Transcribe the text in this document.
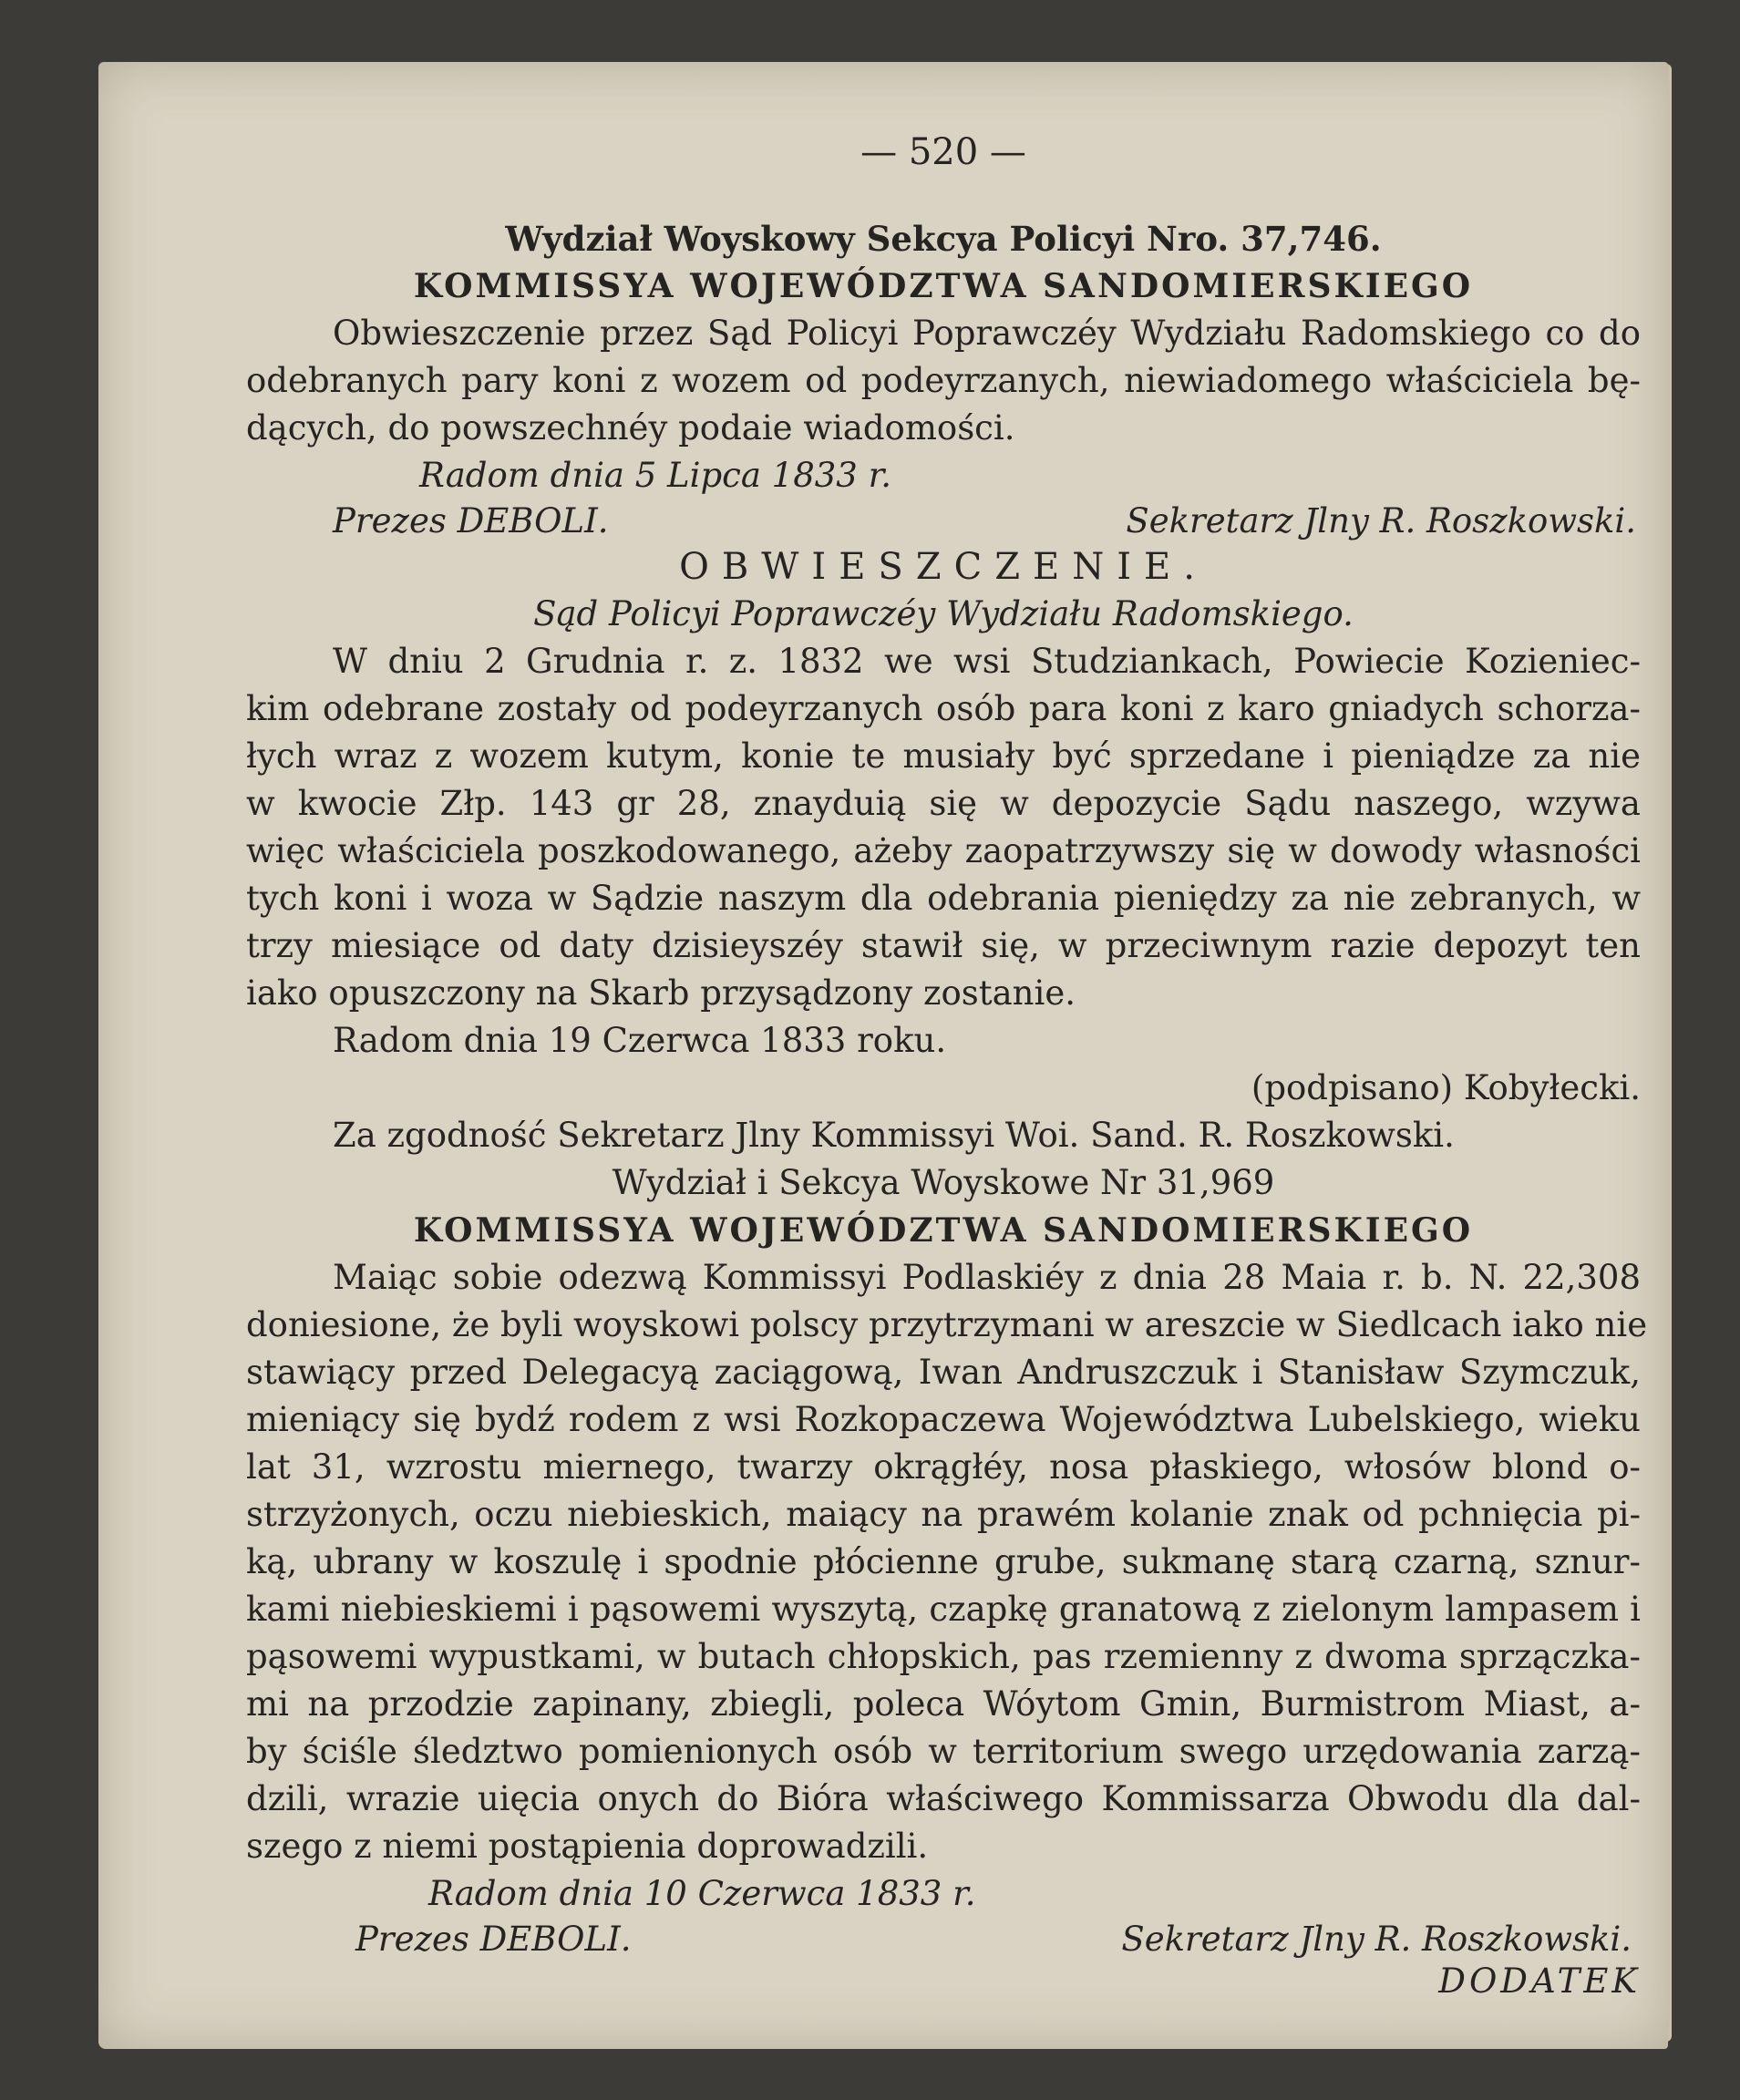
— 520 —
Wydział Woyskowy Sekcya Policyi Nro. 37,746.
KOMMISSYA WOJEWÓDZTWA SANDOMIERSKIEGO
Obwieszczenie przez Sąd Policyi Poprawczéy Wydziału Radomskiego co do
odebranych pary koni z wozem od podeyrzanych, niewiadomego właściciela bę-
dących, do powszechnéy podaie wiadomości.
Radom dnia 5 Lipca 1833 r.
Prezes DEBOLI.	Sekretarz Jlny R. Roszkowski.
OBWIESZCZENIE.
Sąd Policyi Poprawczéy Wydziału Radomskiego.
W dniu 2 Grudnia r. z. 1832 we wsi Studziankach, Powiecie Kozieniec-
kim odebrane zostały od podeyrzanych osób para koni z karo gniadych schorza-
łych wraz z wozem kutym, konie te musiały być sprzedane i pieniądze za nie
w kwocie Złp. 143 gr 28, znayduią się w depozycie Sądu naszego, wzywa
więc właściciela poszkodowanego, ażeby zaopatrzywszy się w dowody własności
tych koni i woza w Sądzie naszym dla odebrania pieniędzy za nie zebranych, w
trzy miesiące od daty dzisieyszéy stawił się, w przeciwnym razie depozyt ten
iako opuszczony na Skarb przysądzony zostanie.
Radom dnia 19 Czerwca 1833 roku.
(podpisano) Kobyłecki.
Za zgodność Sekretarz Jlny Kommissyi Woi. Sand. R. Roszkowski.
Wydział i Sekcya Woyskowe Nr 31,969
KOMMISSYA WOJEWÓDZTWA SANDOMIERSKIEGO
Maiąc sobie odezwą Kommissyi Podlaskiéy z dnia 28 Maia r. b. N. 22,308
doniesione, że byli woyskowi polscy przytrzymani w areszcie w Siedlcach iako nie
stawiący przed Delegacyą zaciągową, Iwan Andruszczuk i Stanisław Szymczuk,
mieniący się bydź rodem z wsi Rozkopaczewa Województwa Lubelskiego, wieku
lat 31, wzrostu miernego, twarzy okrągłéy, nosa płaskiego, włosów blond o-
strzyżonych, oczu niebieskich, maiący na prawém kolanie znak od pchnięcia pi-
ką, ubrany w koszulę i spodnie płócienne grube, sukmanę starą czarną, sznur-
kami niebieskiemi i pąsowemi wyszytą, czapkę granatową z zielonym lampasem i
pąsowemi wypustkami, w butach chłopskich, pas rzemienny z dwoma sprzączka-
mi na przodzie zapinany, zbiegli, poleca Wóytom Gmin, Burmistrom Miast, a-
by ściśle śledztwo pomienionych osób w territorium swego urzędowania zarzą-
dzili, wrazie uięcia onych do Biórа właściwego Kommissarza Obwodu dla dal-
szego z niemi postąpienia doprowadzili.
Radom dnia 10 Czerwca 1833 r.
Prezes DEBOLI.	Sekretarz Jlny R. Roszkowski.
DODATEK
